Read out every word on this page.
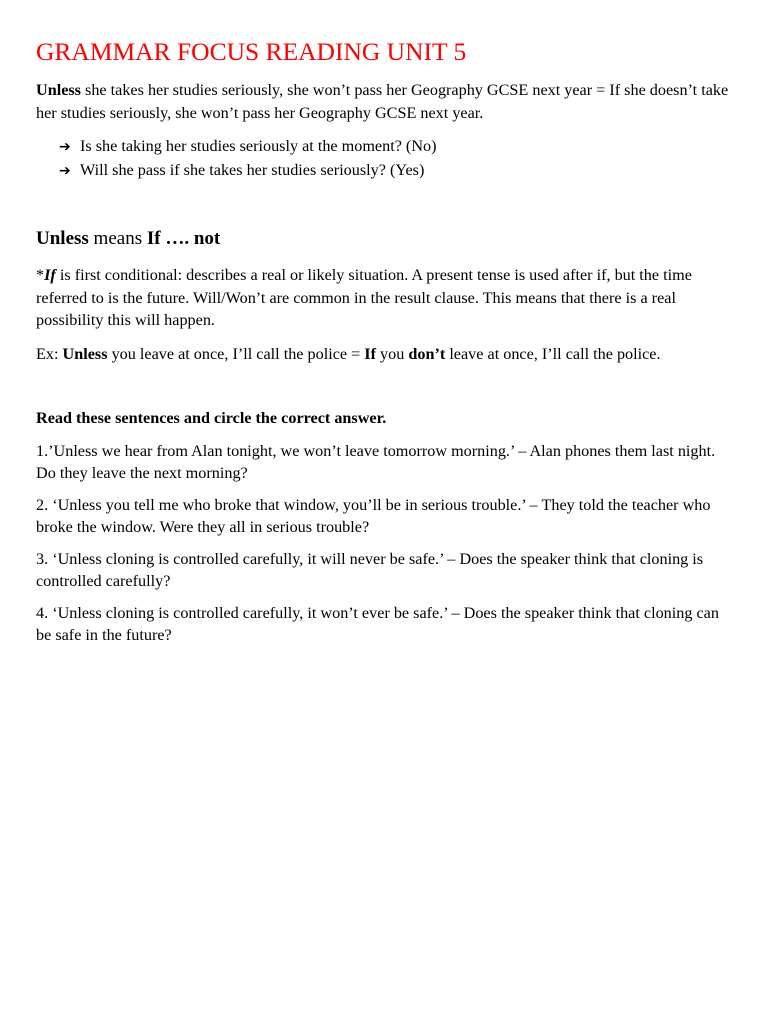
GRAMMAR FOCUS READING UNIT 5

Unless she takes her studies seriously, she won’t pass her Geography GCSE next year = If she doesn’t take her studies seriously, she won’t pass her Geography GCSE next year.

➔ Is she taking her studies seriously at the moment? (No)
➔ Will she pass if she takes her studies seriously? (Yes)

Unless means If …. not

*If is first conditional: describes a real or likely situation. A present tense is used after if, but the time referred to is the future. Will/Won’t are common in the result clause. This means that there is a real possibility this will happen.

Ex: Unless you leave at once, I’ll call the police = If you don’t leave at once, I’ll call the police.

Read these sentences and circle the correct answer.

1.’Unless we hear from Alan tonight, we won’t leave tomorrow morning.’ – Alan phones them last night. Do they leave the next morning?

2. ‘Unless you tell me who broke that window, you’ll be in serious trouble.’ – They told the teacher who broke the window. Were they all in serious trouble?

3. ‘Unless cloning is controlled carefully, it will never be safe.’ – Does the speaker think that cloning is controlled carefully?

4. ‘Unless cloning is controlled carefully, it won’t ever be safe.’ – Does the speaker think that cloning can be safe in the future?
